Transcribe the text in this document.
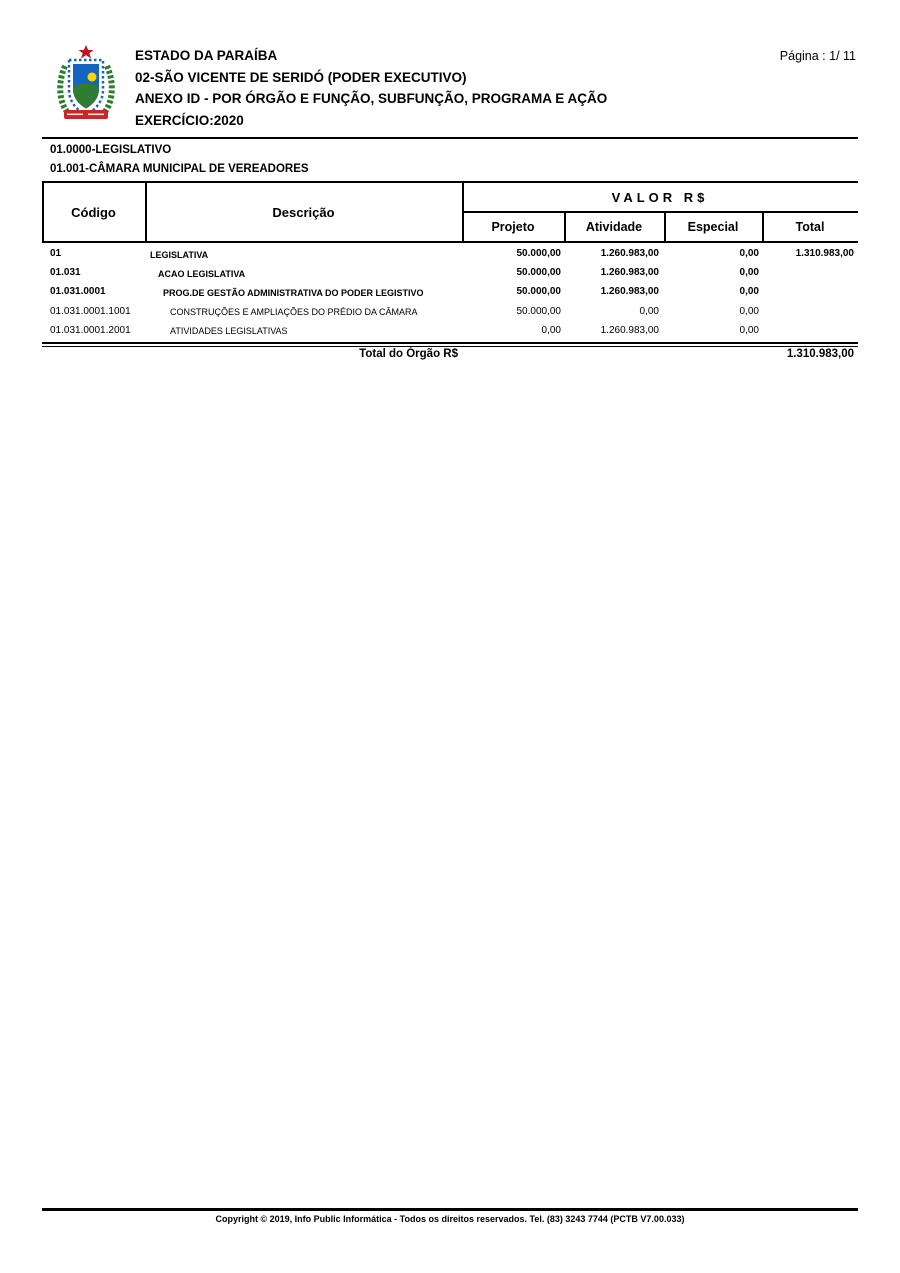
ESTADO DA PARAÍBA
02-SÃO VICENTE DE SERIDÓ (PODER EXECUTIVO)
ANEXO ID - POR ÓRGÃO E FUNÇÃO, SUBFUNÇÃO, PROGRAMA E AÇÃO
EXERCÍCIO:2020
Página : 1/ 11
01.0000-LEGISLATIVO
01.001-CÂMARA MUNICIPAL DE VEREADORES
Código	Descrição
VALOR R$
Projeto	Atividade	Especial	Total
01	LEGISLATIVA	50.000,00	1.260.983,00	0,00	1.310.983,00
01.031	ACAO LEGISLATIVA	50.000,00	1.260.983,00	0,00
01.031.0001	PROG.DE GESTÃO ADMINISTRATIVA DO PODER LEGISTIVO	50.000,00	1.260.983,00	0,00
01.031.0001.1001	CONSTRUÇÕES E AMPLIAÇÕES DO PRÉDIO DA CÂMARA	50.000,00	0,00	0,00
01.031.0001.2001	ATIVIDADES LEGISLATIVAS	0,00	1.260.983,00	0,00
Total do Órgão R$	1.310.983,00
Copyright © 2019, Info Public Informática - Todos os direitos reservados. Tel. (83) 3243 7744 (PCTB V7.00.033)
